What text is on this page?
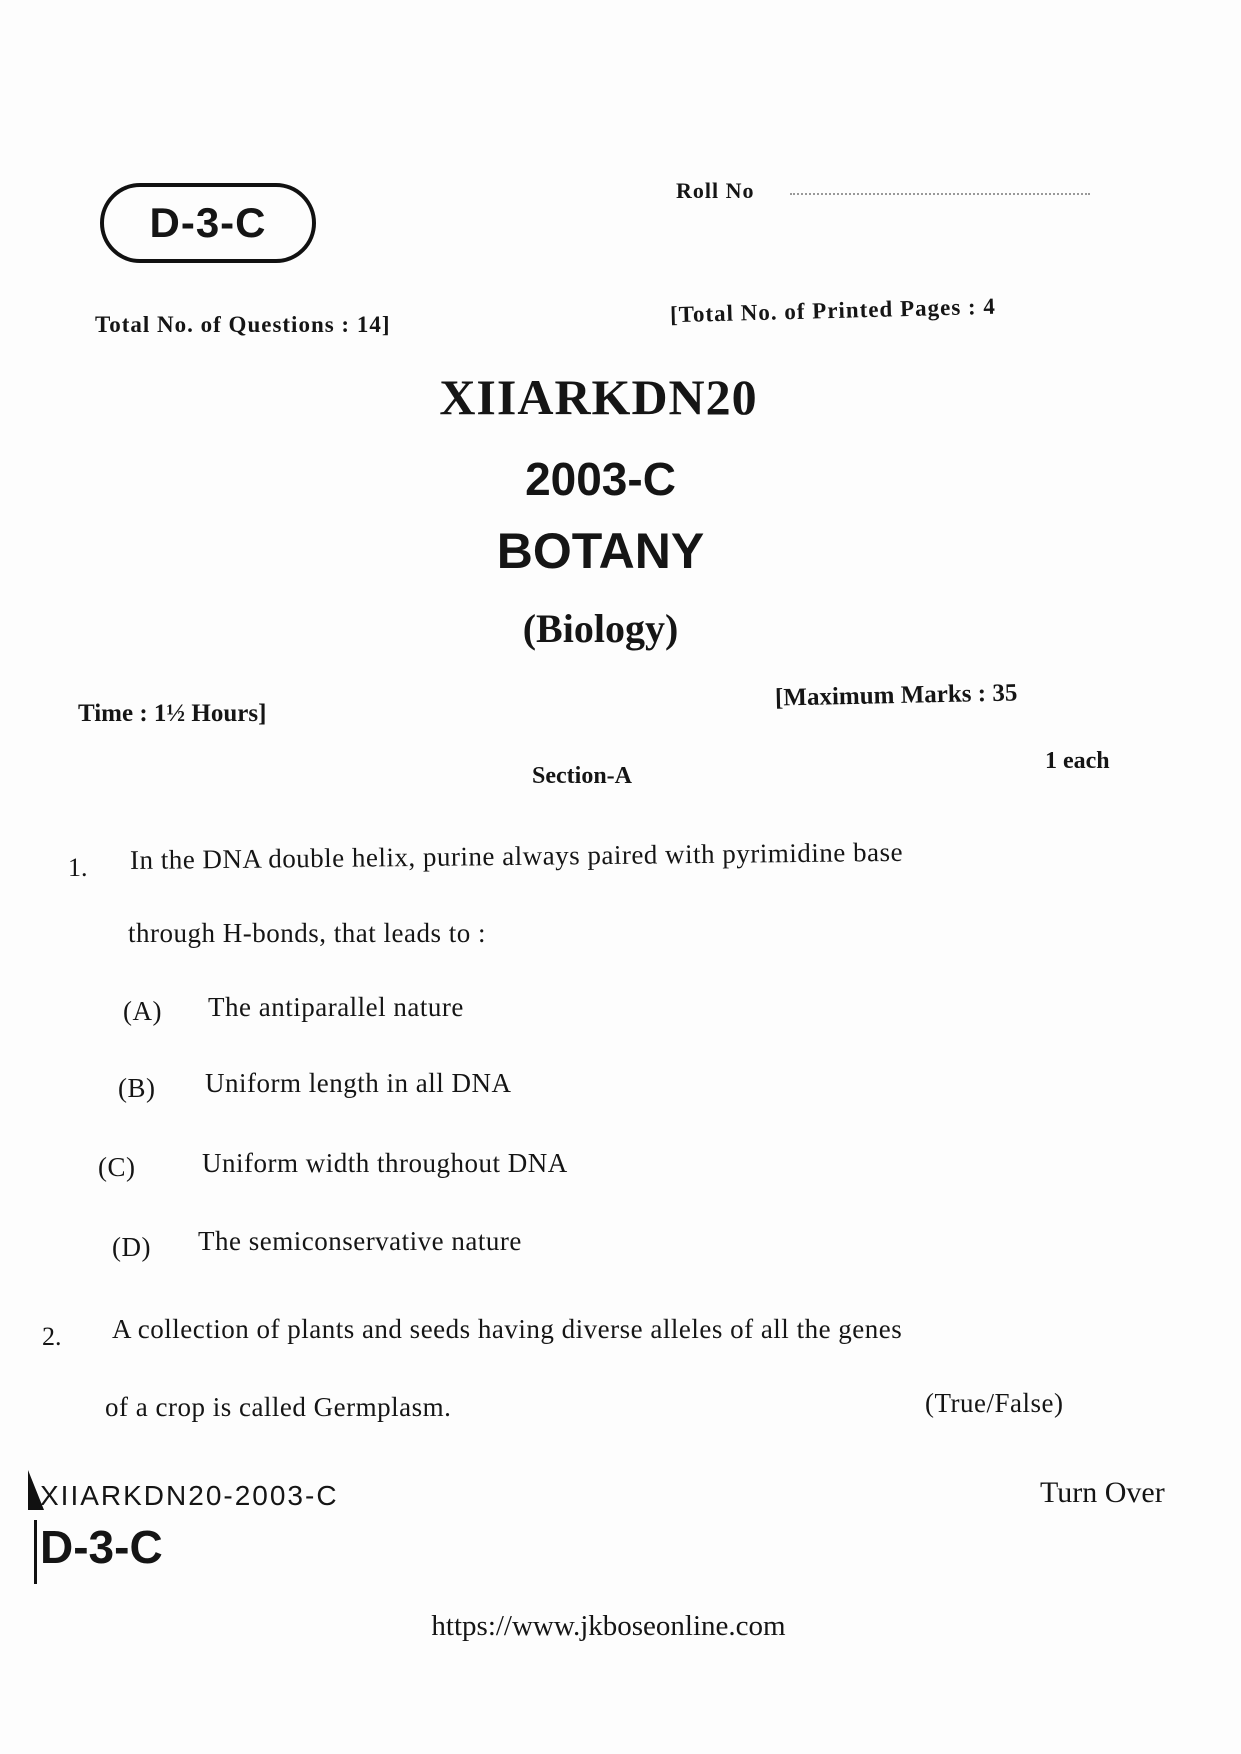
D-3-C
Roll No
Total No. of Questions : 14]	[Total No. of Printed Pages : 4
XIIARKDN20
2003-C
BOTANY
(Biology)
Time : 1½ Hours]
[Maximum Marks : 35
Section-A
1 each
1. In the DNA double helix, purine always paired with pyrimidine base
through H-bonds, that leads to :
(A) The antiparallel nature
(B) Uniform length in all DNA
(C) Uniform width throughout DNA
(D) The semiconservative nature
2. A collection of plants and seeds having diverse alleles of all the genes
of a crop is called Germplasm.	(True/False)
XIIARKDN20-2003-C
D-3-C
Turn Over
https://www.jkboseonline.com
